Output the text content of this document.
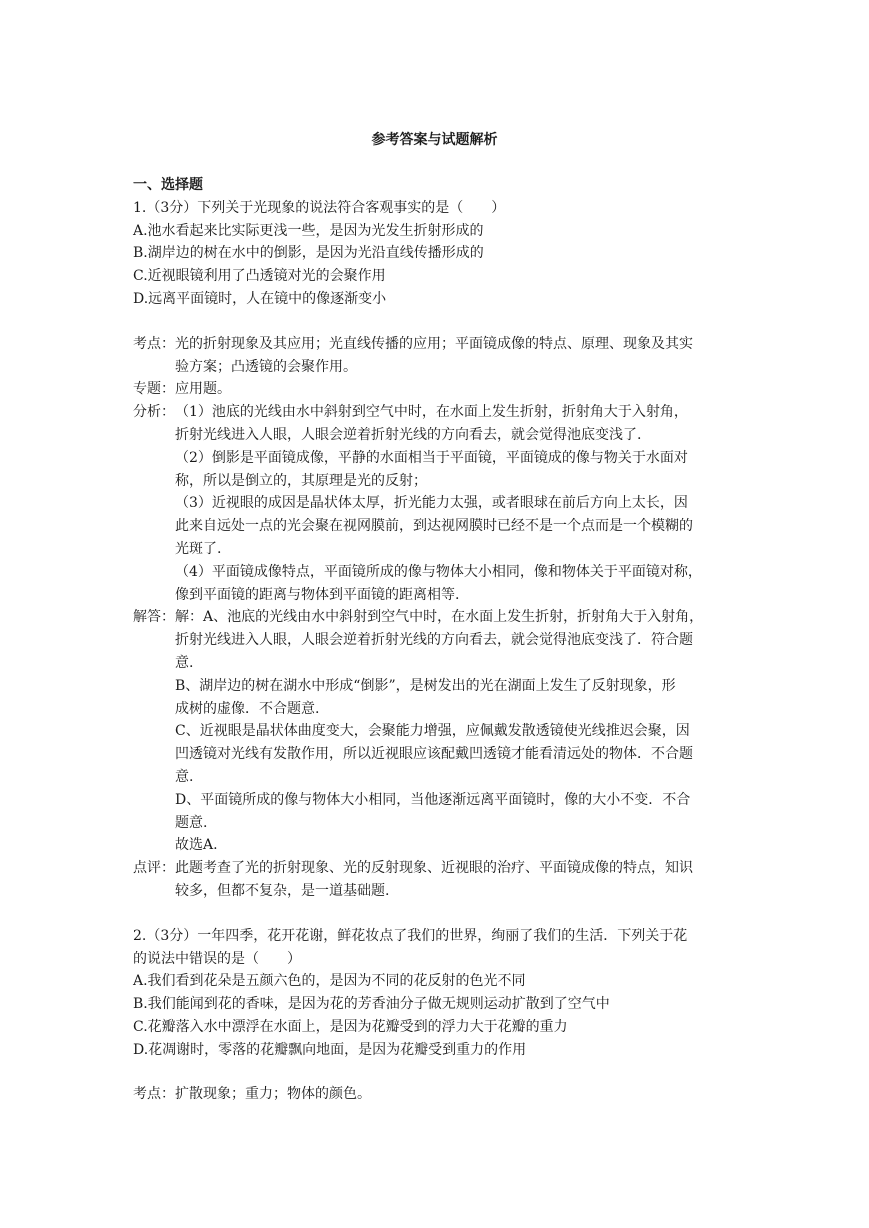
参考答案与试题解析
一、选择题
1.（3分）下列关于光现象的说法符合客观事实的是（　　）
A.池水看起来比实际更浅一些，是因为光发生折射形成的
B.湖岸边的树在水中的倒影，是因为光沿直线传播形成的
C.近视眼镜利用了凸透镜对光的会聚作用
D.远离平面镜时，人在镜中的像逐渐变小
考点： 光的折射现象及其应用；光直线传播的应用；平面镜成像的特点、原理、现象及其实
验方案；凸透镜的会聚作用。
专题： 应用题。
分析： （1）池底的光线由水中斜射到空气中时，在水面上发生折射，折射角大于入射角，
折射光线进入人眼，人眼会逆着折射光线的方向看去，就会觉得池底变浅了.
（2）倒影是平面镜成像，平静的水面相当于平面镜，平面镜成的像与物关于水面对
称，所以是倒立的，其原理是光的反射；
（3）近视眼的成因是晶状体太厚，折光能力太强，或者眼球在前后方向上太长，因
此来自远处一点的光会聚在视网膜前，到达视网膜时已经不是一个点而是一个模糊的
光斑了.
（4）平面镜成像特点，平面镜所成的像与物体大小相同，像和物体关于平面镜对称，
像到平面镜的距离与物体到平面镜的距离相等.
解答： 解：A、池底的光线由水中斜射到空气中时，在水面上发生折射，折射角大于入射角，
折射光线进入人眼，人眼会逆着折射光线的方向看去，就会觉得池底变浅了．符合题
意.
B、湖岸边的树在湖水中形成“倒影”，是树发出的光在湖面上发生了反射现象，形
成树的虚像．不合题意.
C、近视眼是晶状体曲度变大，会聚能力增强，应佩戴发散透镜使光线推迟会聚，因
凹透镜对光线有发散作用，所以近视眼应该配戴凹透镜才能看清远处的物体．不合题
意.
D、平面镜所成的像与物体大小相同，当他逐渐远离平面镜时，像的大小不变．不合
题意.
故选A.
点评： 此题考查了光的折射现象、光的反射现象、近视眼的治疗、平面镜成像的特点，知识
较多，但都不复杂，是一道基础题.
2.（3分）一年四季，花开花谢，鲜花妆点了我们的世界，绚丽了我们的生活．下列关于花
的说法中错误的是（　　）
A.我们看到花朵是五颜六色的，是因为不同的花反射的色光不同
B.我们能闻到花的香味，是因为花的芳香油分子做无规则运动扩散到了空气中
C.花瓣落入水中漂浮在水面上，是因为花瓣受到的浮力大于花瓣的重力
D.花凋谢时，零落的花瓣飘向地面，是因为花瓣受到重力的作用
考点： 扩散现象；重力；物体的颜色。
